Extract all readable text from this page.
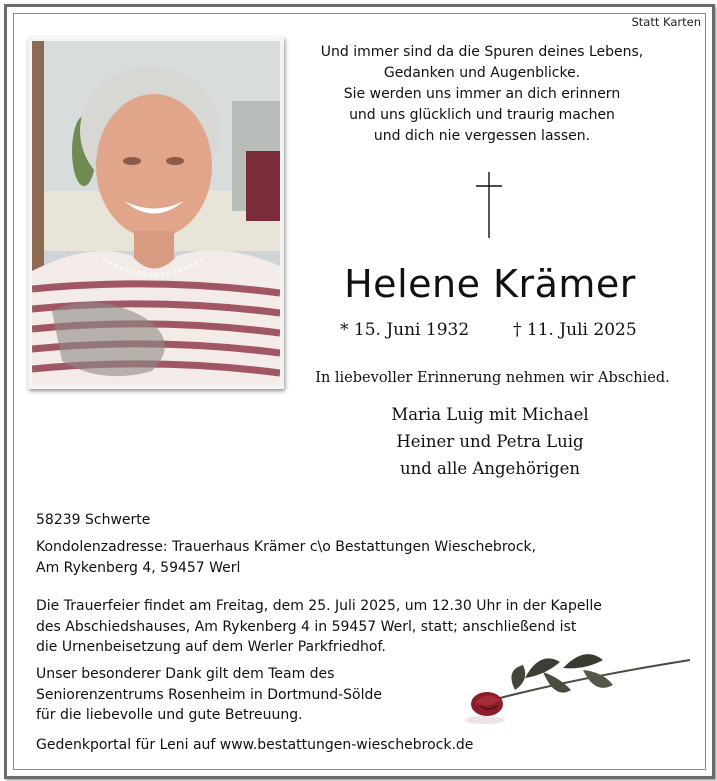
Statt Karten
Und immer sind da die Spuren deines Lebens,
Gedanken und Augenblicke.
Sie werden uns immer an dich erinnern
und uns glücklich und traurig machen
und dich nie vergessen lassen.
Helene Krämer
* 15. Juni 1932	† 11. Juli 2025
In liebevoller Erinnerung nehmen wir Abschied.
Maria Luig mit Michael
Heiner und Petra Luig
und alle Angehörigen
58239 Schwerte
Kondolenzadresse: Trauerhaus Krämer c\o Bestattungen Wieschebrock,
Am Rykenberg 4, 59457 Werl
Die Trauerfeier findet am Freitag, dem 25. Juli 2025, um 12.30 Uhr in der Kapelle
des Abschiedshauses, Am Rykenberg 4 in 59457 Werl, statt; anschließend ist
die Urnenbeisetzung auf dem Werler Parkfriedhof.
Unser besonderer Dank gilt dem Team des
Seniorenzentrums Rosenheim in Dortmund-Sölde
für die liebevolle und gute Betreuung.
Gedenkportal für Leni auf www.bestattungen-wieschebrock.de
